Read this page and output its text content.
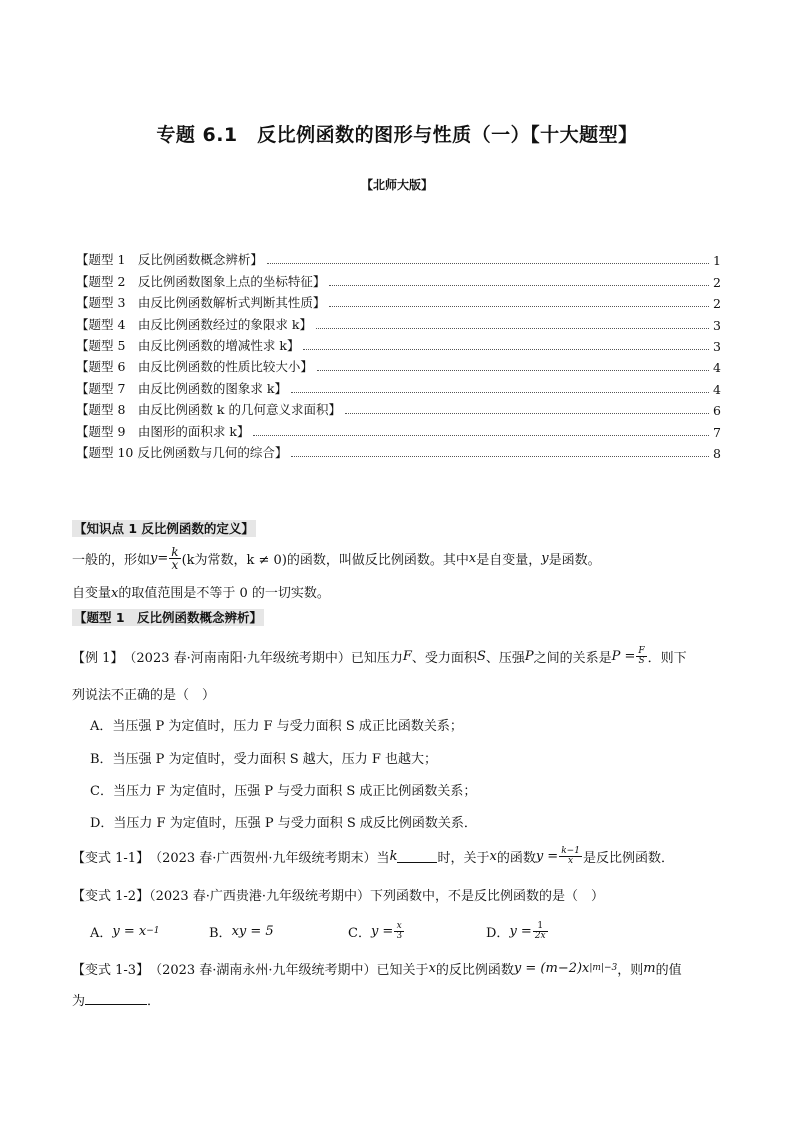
专题 6.1　反比例函数的图形与性质（一）【十大题型】
【北师大版】
【题型 1　反比例函数概念辨析】	1
【题型 2　反比例函数图象上点的坐标特征】	2
【题型 3　由反比例函数解析式判断其性质】	2
【题型 4　由反比例函数经过的象限求 k】	3
【题型 5　由反比例函数的增减性求 k】	3
【题型 6　由反比例函数的性质比较大小】	4
【题型 7　由反比例函数的图象求 k】	4
【题型 8　由反比例函数 k 的几何意义求面积】	6
【题型 9　由图形的面积求 k】	7
【题型 10 反比例函数与几何的综合】	8
【知识点 1 反比例函数的定义】
一般的，形如 $y = \frac{k}{x} (k$为常数，k ≠ 0) 的函数，叫做反比例函数。其中 x 是自变量， y 是函数。
自变量x的取值范围是不等于 0 的一切实数。
【题型 1　反比例函数概念辨析】
【例 1】 （2023 春·河南南阳·九年级统考期中）已知压力 F 、受力面积 S 、压强 P 之间的关系是 $P = \frac{F}{S}$ ．则下
列说法不正确的是（　）
A．当压强 P 为定值时，压力 F 与受力面积 S 成正比函数关系；
B．当压强 P 为定值时，受力面积 S 越大，压力 F 也越大；
C．当压力 F 为定值时，压强 P 与受力面积 S 成正比例函数关系；
D．当压力 F 为定值时，压强 P 与受力面积 S 成反比例函数关系．
【变式 1-1】 （2023 春·广西贺州·九年级统考期末）当 k	时，关于 x 的函数 $y = \frac{k-1}{x}$ 是反比例函数．
【变式 1-2】（2023 春·广西贵港·九年级统考期中）下列函数中，不是反比例函数的是（　）
A． y = x −1	B． xy = 5	C． $y = \frac{x}{3}$	D． $y = \frac{1}{2x}$
【变式 1-3】 （2023 春·湖南永州·九年级统考期中）已知关于 x 的反比例函数 y = (m−2)x |m|−3 ，则 m 的值
为	．
